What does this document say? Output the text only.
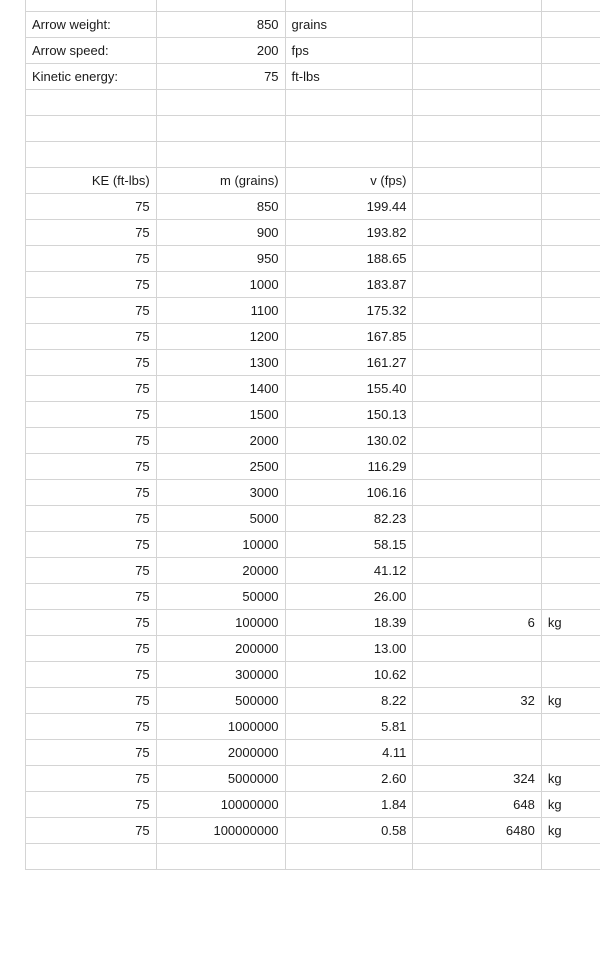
Arrow weight:	850	grains		
Arrow speed:	200	fps		
Kinetic energy:	75	ft-lbs		

KE (ft-lbs)	m (grains)	v (fps)		
75	850	199.44		
75	900	193.82		
75	950	188.65		
75	1000	183.87		
75	1100	175.32		
75	1200	167.85		
75	1300	161.27		
75	1400	155.40		
75	1500	150.13		
75	2000	130.02		
75	2500	116.29		
75	3000	106.16		
75	5000	82.23		
75	10000	58.15		
75	20000	41.12		
75	50000	26.00		
75	100000	18.39	6	kg
75	200000	13.00		
75	300000	10.62		
75	500000	8.22	32	kg
75	1000000	5.81		
75	2000000	4.11		
75	5000000	2.60	324	kg
75	10000000	1.84	648	kg
75	100000000	0.58	6480	kg
